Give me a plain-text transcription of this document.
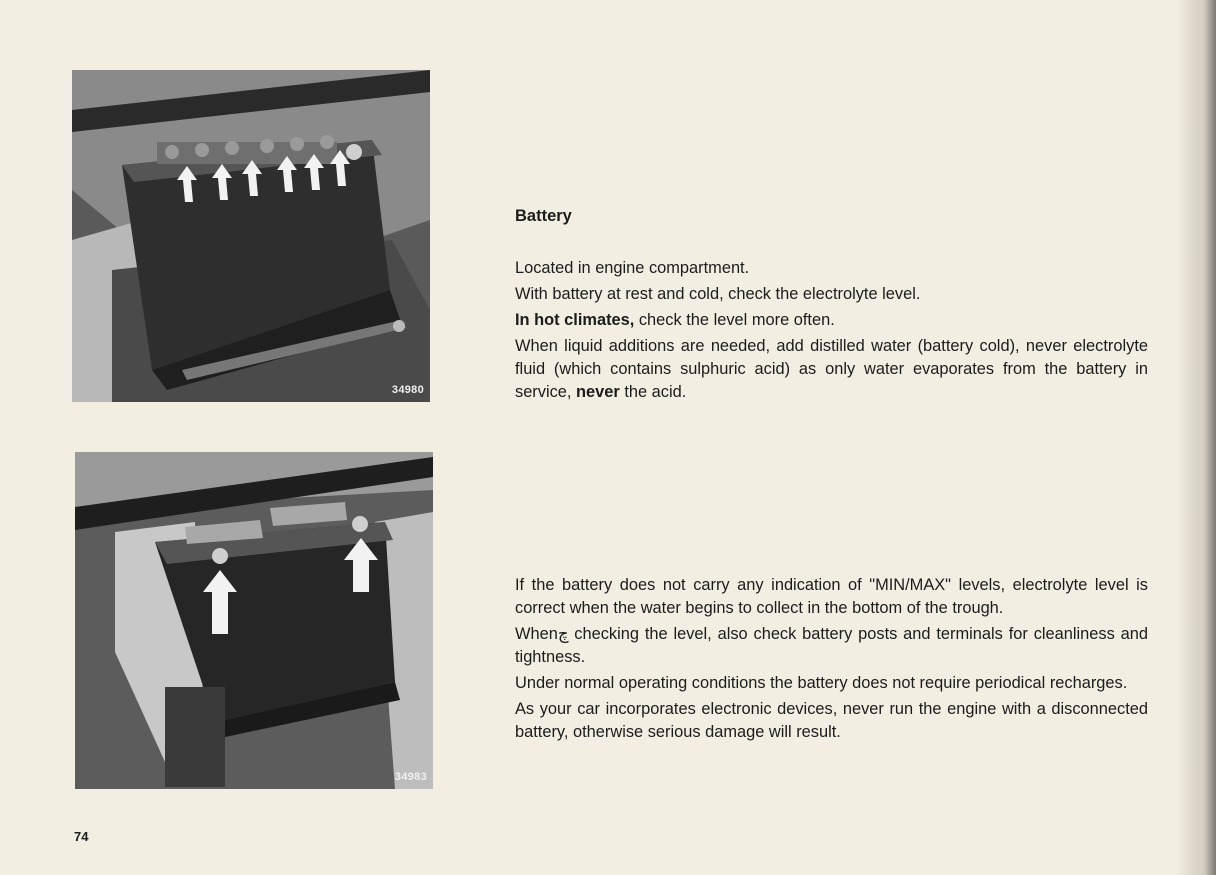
34980
34983
Battery

Located in engine compartment.

With battery at rest and cold, check the electrolyte level.

In hot climates, check the level more often.

When liquid additions are needed, add distilled water (battery cold), never electrolyte fluid (which contains sulphuric acid) as only water evaporates from the battery in service, never the acid.

If the battery does not carry any indication of "MIN/MAX" levels, electrolyte level is correct when the water begins to collect in the bottom of the trough.

Whenچ checking the level, also check battery posts and terminals for cleanliness and tightness.

Under normal operating conditions the battery does not require periodical recharges.

As your car incorporates electronic devices, never run the engine with a disconnected battery, otherwise serious damage will result.

74
